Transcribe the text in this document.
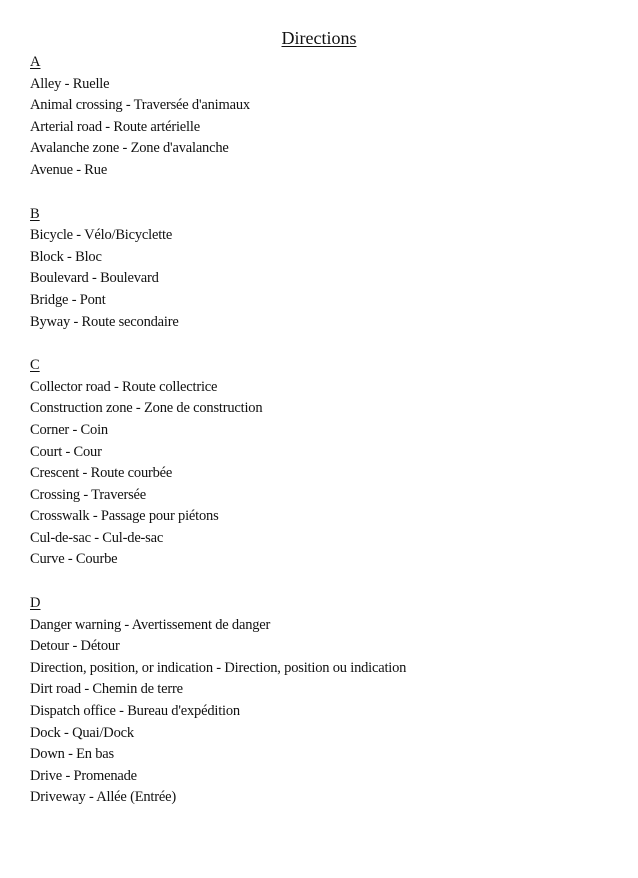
Directions
A
Alley - Ruelle
Animal crossing - Traversée d'animaux
Arterial road - Route artérielle
Avalanche zone - Zone d'avalanche
Avenue - Rue
B
Bicycle - Vélo/Bicyclette
Block - Bloc
Boulevard - Boulevard
Bridge - Pont
Byway - Route secondaire
C
Collector road - Route collectrice
Construction zone - Zone de construction
Corner - Coin
Court - Cour
Crescent - Route courbée
Crossing - Traversée
Crosswalk - Passage pour piétons
Cul-de-sac - Cul-de-sac
Curve - Courbe
D
Danger warning - Avertissement de danger
Detour - Détour
Direction, position, or indication - Direction, position ou indication
Dirt road - Chemin de terre
Dispatch office - Bureau d'expédition
Dock - Quai/Dock
Down - En bas
Drive - Promenade
Driveway - Allée (Entrée)
